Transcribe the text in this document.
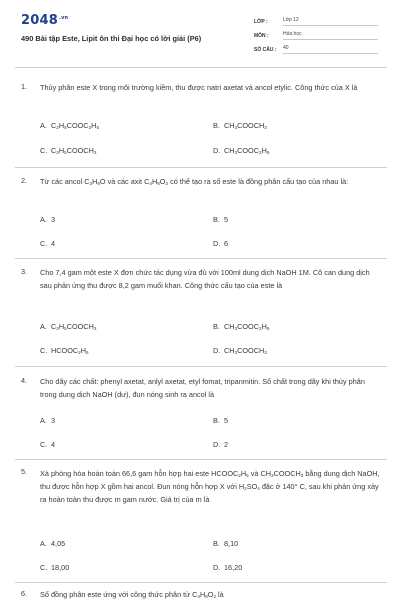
$2048^{.vn}$
490 Bài tập Este, Lipit ôn thi Đại học có lời giải (P6)
LỚP :	Lớp 12
MÔN :	Hóa học
SỐ CÂU :	40
1. Thủy phân este X trong môi trường kiềm, thu được natri axetat và ancol etylic. Công thức của X là
A. $C_2H_5COOC_2H_5$	B. $CH_3COOCH_3$
C. $C_2H_5COOCH_3$	D. $CH_3COOC_2H_5$
2. Từ các ancol $C_3H_8O$ và các axit $C_4H_8O_2$ có thể tạo ra số este là đồng phân cấu tạo của nhau là:
A. 3	B. 5
C. 4	D. 6
3. Cho 7,4 gam một este X đơn chức tác dụng vừa đủ với 100ml dung dịch NaOH 1M. Cô can dung dịch sau phản ứng thu được 8,2 gam muối khan. Công thức cấu tạo của este là
A. $C_2H_5COOCH_3$	B. $CH_3COOC_2H_5$
C. $HCOOC_2H_5$	D. $CH_3COOCH_3$
4. Cho dãy các chất: phenyl axetat, anlyl axetat, etyl fomat, tripanmitin. Số chất trong dãy khi thủy phân trong dung dịch NaOH (dư), đun nóng sinh ra ancol là
A. 3	B. 5
C. 4	D. 2
5. Xà phòng hóa hoàn toàn 66,6 gam hỗn hợp hai este $HCOOC_2H_5$ và $CH_3COOCH_3$ bằng dung dịch NaOH, thu được hỗn hợp X gồm hai ancol. Đun nóng hỗn hợp X với $H_2SO_4$ đặc ở 140° C, sau khi phản ứng xảy ra hoàn toàn thu được m gam nước. Giá trị của m là
A. 4,05	B. 8,10
C. 18,00	D. 16,20
6. Số đồng phân este ứng với công thức phân tử $C_4H_8O_2$ là
